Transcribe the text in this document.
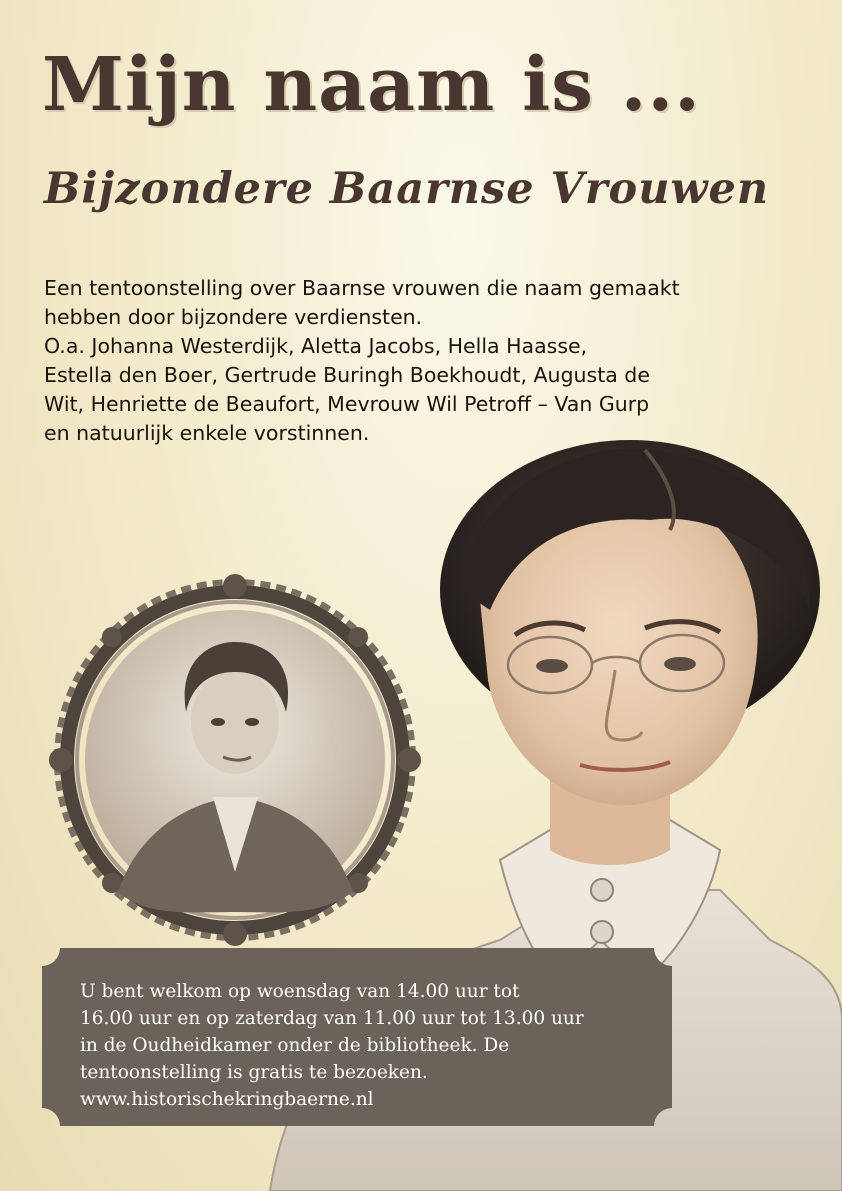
Mijn naam is ...
Bijzondere Baarnse Vrouwen

Een tentoonstelling over Baarnse vrouwen die naam gemaakt

hebben door bijzondere verdiensten.

O.a. Johanna Westerdijk, Aletta Jacobs, Hella Haasse,

Estella den Boer, Gertrude Buringh Boekhoudt, Augusta de

Wit, Henriette de Beaufort, Mevrouw Wil Petroff – Van Gurp

en natuurlijk enkele vorstinnen.

U bent welkom op woensdag van 14.00 uur tot

16.00 uur en op zaterdag van 11.00 uur tot 13.00 uur

in de Oudheidkamer onder de bibliotheek. De

tentoonstelling is gratis te bezoeken.

www.historischekringbaerne.nl
